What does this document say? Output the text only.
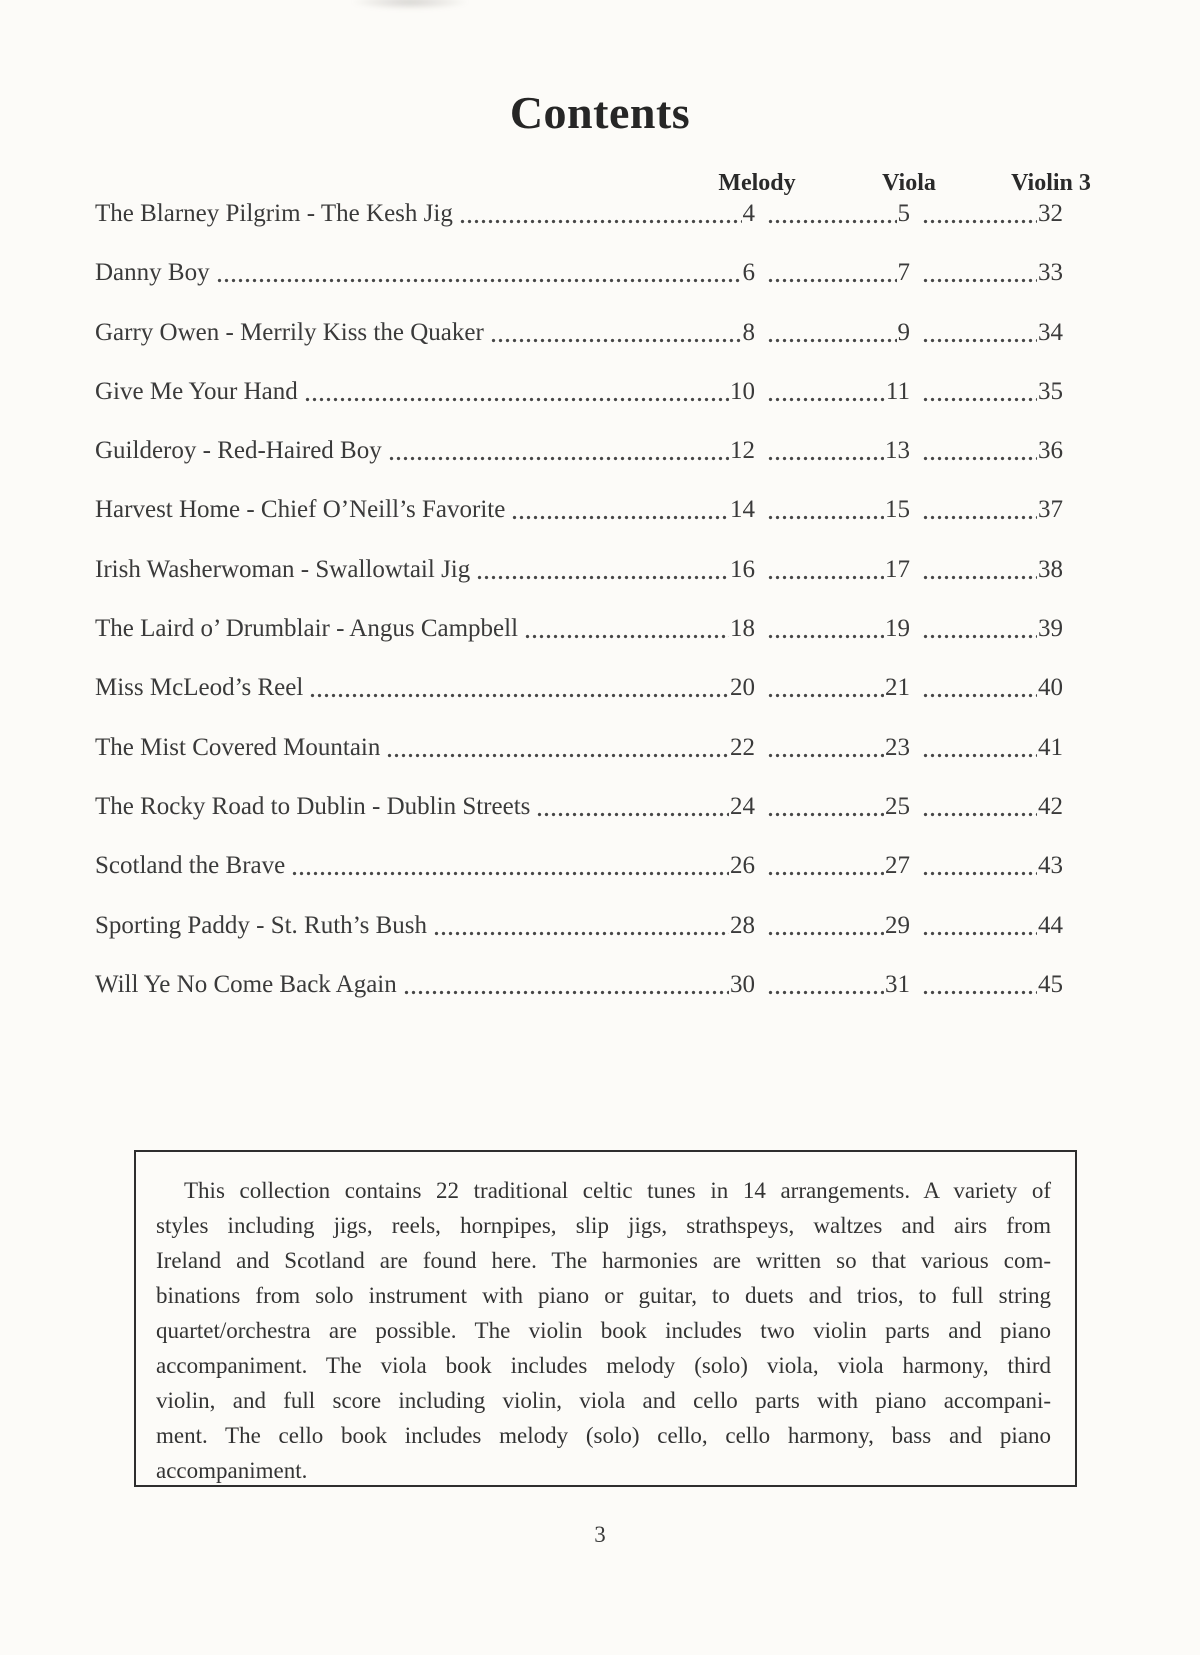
Contents
Melody	Viola	Violin 3
The Blarney Pilgrim - The Kesh Jig	4	5	32
Danny Boy	6	7	33
Garry Owen - Merrily Kiss the Quaker	8	9	34
Give Me Your Hand	10	11	35
Guilderoy - Red-Haired Boy	12	13	36
Harvest Home - Chief O’Neill’s Favorite	14	15	37
Irish Washerwoman - Swallowtail Jig	16	17	38
The Laird o’ Drumblair - Angus Campbell	18	19	39
Miss McLeod’s Reel	20	21	40
The Mist Covered Mountain	22	23	41
The Rocky Road to Dublin - Dublin Streets	24	25	42
Scotland the Brave	26	27	43
Sporting Paddy - St. Ruth’s Bush	28	29	44
Will Ye No Come Back Again	30	31	45
This collection contains 22 traditional celtic tunes in 14 arrangements. A variety of
styles including jigs, reels, hornpipes, slip jigs, strathspeys, waltzes and airs from
Ireland and Scotland are found here. The harmonies are written so that various com-
binations from solo instrument with piano or guitar, to duets and trios, to full string
quartet/orchestra are possible. The violin book includes two violin parts and piano
accompaniment. The viola book includes melody (solo) viola, viola harmony, third
violin, and full score including violin, viola and cello parts with piano accompani-
ment. The cello book includes melody (solo) cello, cello harmony, bass and piano
accompaniment.
3
